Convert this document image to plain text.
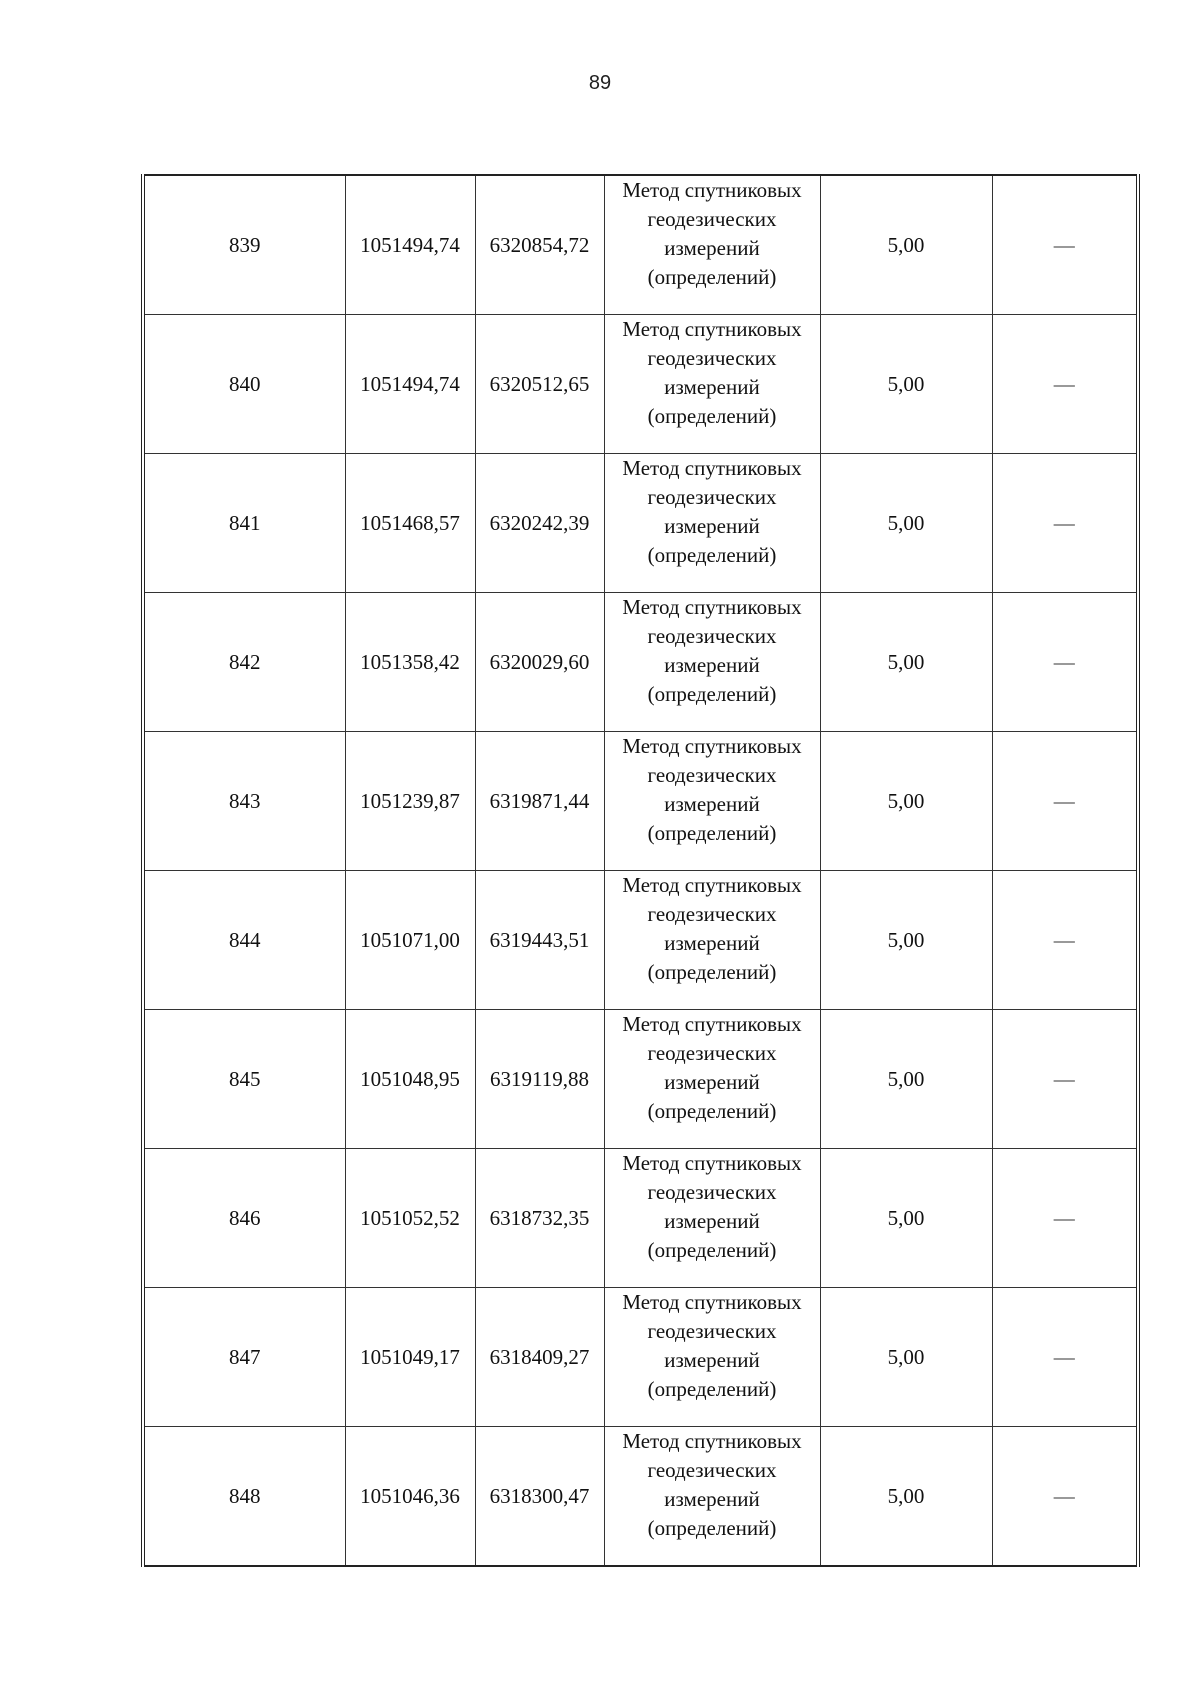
89
839	1051494,74	6320854,72	Метод спутниковых
геодезических
измерений
(определений)	5,00	—
840	1051494,74	6320512,65	Метод спутниковых
геодезических
измерений
(определений)	5,00	—
841	1051468,57	6320242,39	Метод спутниковых
геодезических
измерений
(определений)	5,00	—
842	1051358,42	6320029,60	Метод спутниковых
геодезических
измерений
(определений)	5,00	—
843	1051239,87	6319871,44	Метод спутниковых
геодезических
измерений
(определений)	5,00	—
844	1051071,00	6319443,51	Метод спутниковых
геодезических
измерений
(определений)	5,00	—
845	1051048,95	6319119,88	Метод спутниковых
геодезических
измерений
(определений)	5,00	—
846	1051052,52	6318732,35	Метод спутниковых
геодезических
измерений
(определений)	5,00	—
847	1051049,17	6318409,27	Метод спутниковых
геодезических
измерений
(определений)	5,00	—
848	1051046,36	6318300,47	Метод спутниковых
геодезических
измерений
(определений)	5,00	—
